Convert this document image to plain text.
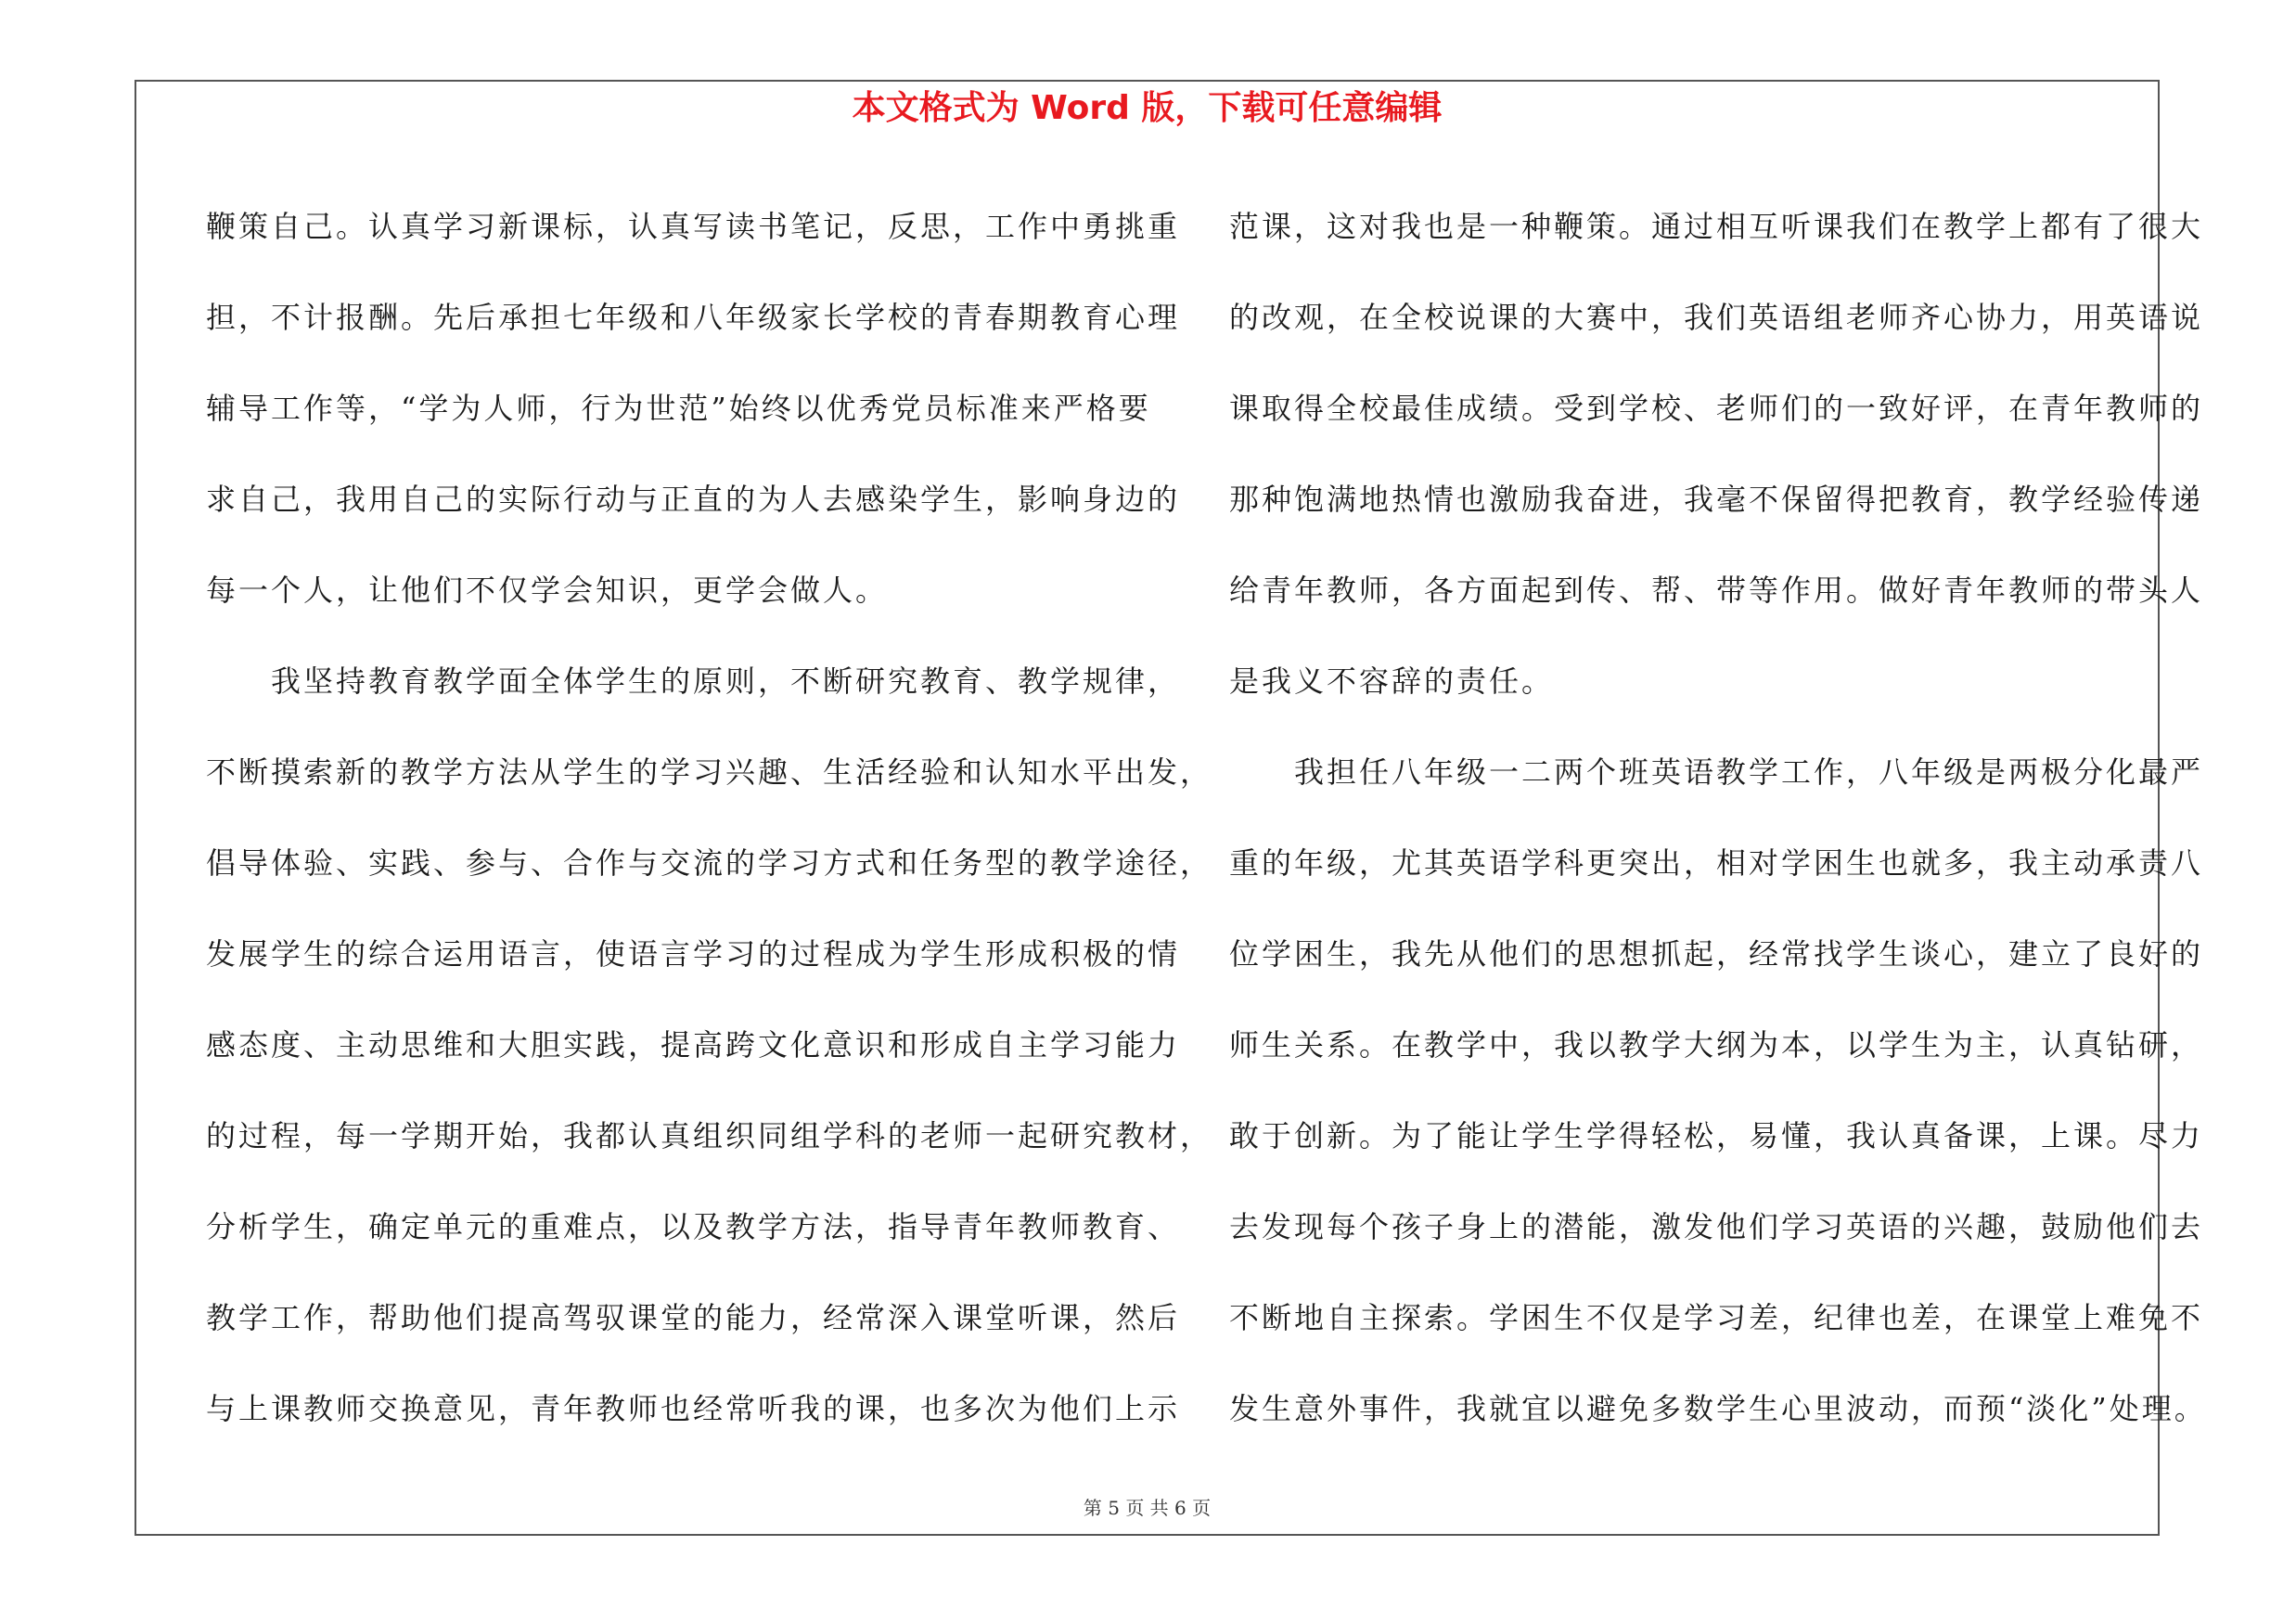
本文格式为 Word 版，下载可任意编辑
鞭策自己。认真学习新课标，认真写读书笔记，反思，工作中勇挑重
担，不计报酬。先后承担七年级和八年级家长学校的青春期教育心理
辅导工作等，“学为人师，行为世范”始终以优秀党员标准来严格要
求自己，我用自己的实际行动与正直的为人去感染学生，影响身边的
每一个人，让他们不仅学会知识，更学会做人。
　　我坚持教育教学面全体学生的原则，不断研究教育、教学规律，
不断摸索新的教学方法从学生的学习兴趣、生活经验和认知水平出发，
倡导体验、实践、参与、合作与交流的学习方式和任务型的教学途径，
发展学生的综合运用语言，使语言学习的过程成为学生形成积极的情
感态度、主动思维和大胆实践，提高跨文化意识和形成自主学习能力
的过程，每一学期开始，我都认真组织同组学科的老师一起研究教材，
分析学生，确定单元的重难点，以及教学方法，指导青年教师教育、
教学工作，帮助他们提高驾驭课堂的能力，经常深入课堂听课，然后
与上课教师交换意见，青年教师也经常听我的课，也多次为他们上示
范课，这对我也是一种鞭策。通过相互听课我们在教学上都有了很大
的改观，在全校说课的大赛中，我们英语组老师齐心协力，用英语说
课取得全校最佳成绩。受到学校、老师们的一致好评，在青年教师的
那种饱满地热情也激励我奋进，我毫不保留得把教育，教学经验传递
给青年教师，各方面起到传、帮、带等作用。做好青年教师的带头人
是我义不容辞的责任。
　　我担任八年级一二两个班英语教学工作，八年级是两极分化最严
重的年级，尤其英语学科更突出，相对学困生也就多，我主动承责八
位学困生，我先从他们的思想抓起，经常找学生谈心，建立了良好的
师生关系。在教学中，我以教学大纲为本，以学生为主，认真钻研，
敢于创新。为了能让学生学得轻松，易懂，我认真备课，上课。尽力
去发现每个孩子身上的潜能，激发他们学习英语的兴趣，鼓励他们去
不断地自主探索。学困生不仅是学习差，纪律也差，在课堂上难免不
发生意外事件，我就宜以避免多数学生心里波动，而预“淡化”处理。
第 5 页 共 6 页
